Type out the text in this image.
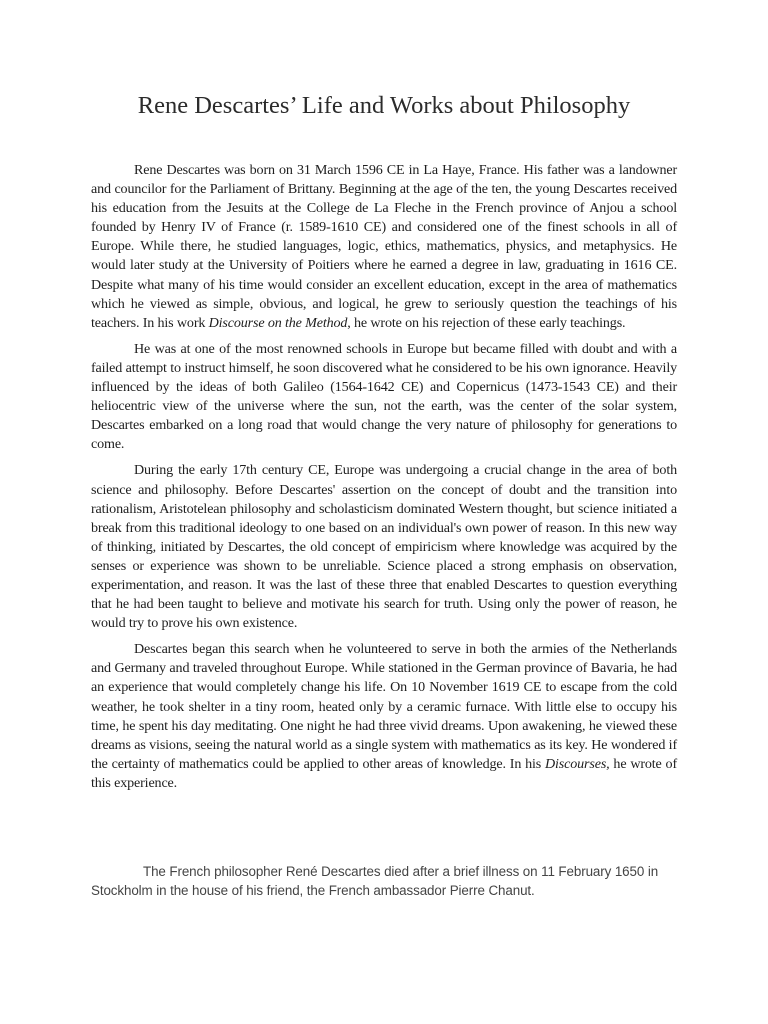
Rene Descartes’ Life and Works about Philosophy

Rene Descartes was born on 31 March 1596 CE in La Haye, France. His father was a landowner and councilor for the Parliament of Brittany. Beginning at the age of the ten, the young Descartes received his education from the Jesuits at the College de La Fleche in the French province of Anjou a school founded by Henry IV of France (r. 1589-1610 CE) and considered one of the finest schools in all of Europe. While there, he studied languages, logic, ethics, mathematics, physics, and metaphysics. He would later study at the University of Poitiers where he earned a degree in law, graduating in 1616 CE. Despite what many of his time would consider an excellent education, except in the area of mathematics which he viewed as simple, obvious, and logical, he grew to seriously question the teachings of his teachers. In his work Discourse on the Method, he wrote on his rejection of these early teachings.

He was at one of the most renowned schools in Europe but became filled with doubt and with a failed attempt to instruct himself, he soon discovered what he considered to be his own ignorance. Heavily influenced by the ideas of both Galileo (1564-1642 CE) and Copernicus (1473-1543 CE) and their heliocentric view of the universe where the sun, not the earth, was the center of the solar system, Descartes embarked on a long road that would change the very nature of philosophy for generations to come.

During the early 17th century CE, Europe was undergoing a crucial change in the area of both science and philosophy. Before Descartes' assertion on the concept of doubt and the transition into rationalism, Aristotelean philosophy and scholasticism dominated Western thought, but science initiated a break from this traditional ideology to one based on an individual's own power of reason. In this new way of thinking, initiated by Descartes, the old concept of empiricism where knowledge was acquired by the senses or experience was shown to be unreliable. Science placed a strong emphasis on observation, experimentation, and reason. It was the last of these three that enabled Descartes to question everything that he had been taught to believe and motivate his search for truth. Using only the power of reason, he would try to prove his own existence.

Descartes began this search when he volunteered to serve in both the armies of the Netherlands and Germany and traveled throughout Europe. While stationed in the German province of Bavaria, he had an experience that would completely change his life. On 10 November 1619 CE to escape from the cold weather, he took shelter in a tiny room, heated only by a ceramic furnace. With little else to occupy his time, he spent his day meditating. One night he had three vivid dreams. Upon awakening, he viewed these dreams as visions, seeing the natural world as a single system with mathematics as its key. He wondered if the certainty of mathematics could be applied to other areas of knowledge. In his Discourses, he wrote of this experience.

The French philosopher René Descartes died after a brief illness on 11 February 1650 in Stockholm in the house of his friend, the French ambassador Pierre Chanut.
